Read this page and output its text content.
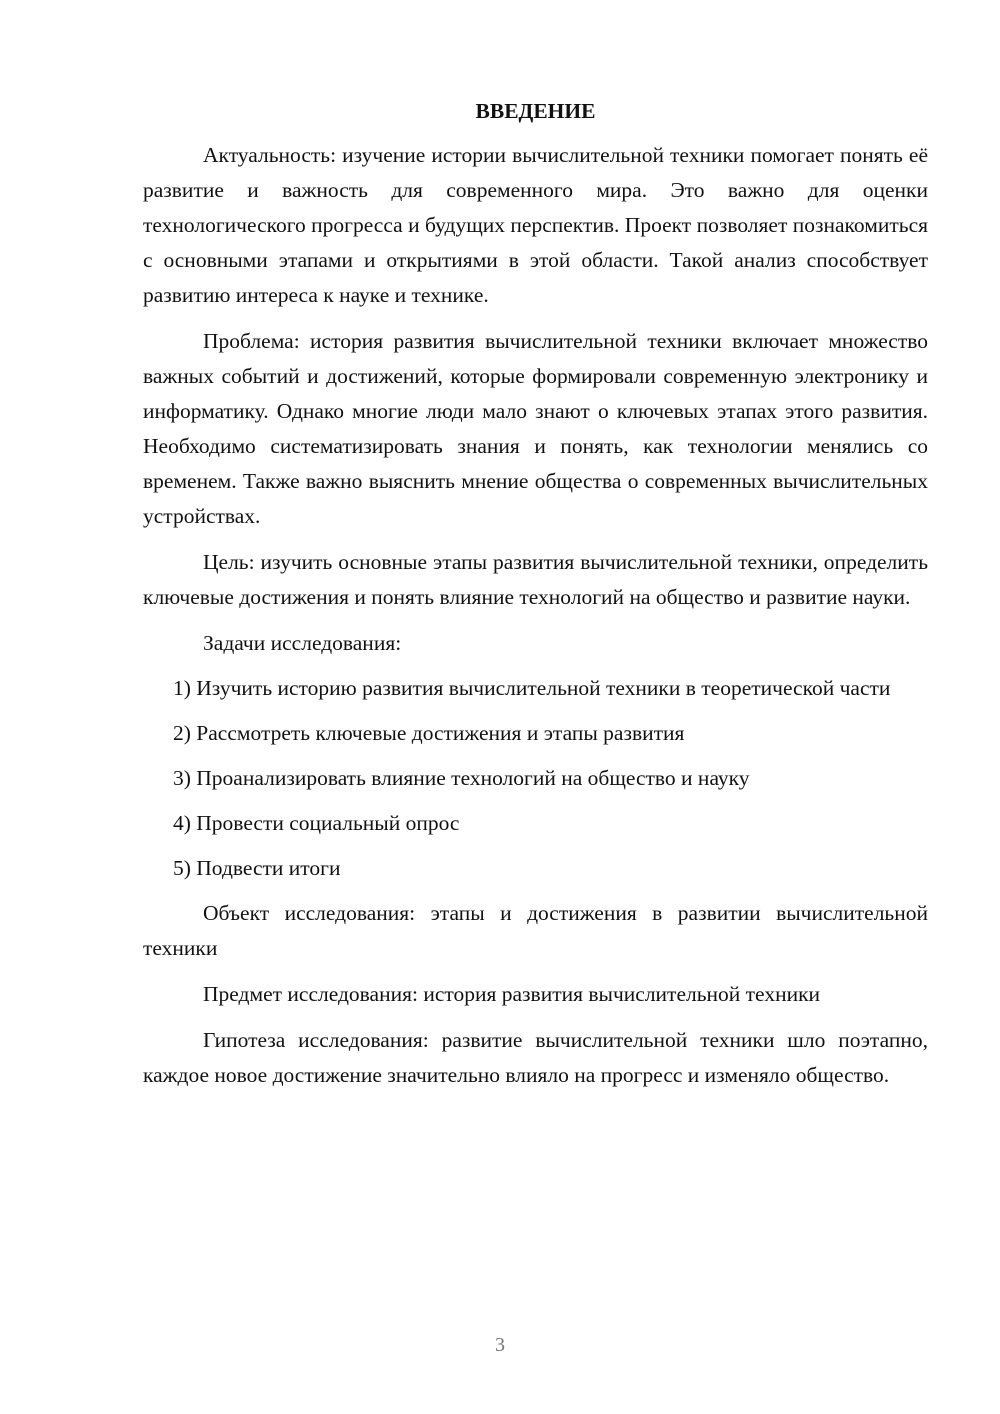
ВВЕДЕНИЕ

Актуальность: изучение истории вычислительной техники помогает понять её развитие и важность для современного мира. Это важно для оценки технологического прогресса и будущих перспектив. Проект позволяет познакомиться с основными этапами и открытиями в этой области. Такой анализ способствует развитию интереса к науке и технике.

Проблема: история развития вычислительной техники включает множество важных событий и достижений, которые формировали современную электронику и информатику. Однако многие люди мало знают о ключевых этапах этого развития. Необходимо систематизировать знания и понять, как технологии менялись со временем. Также важно выяснить мнение общества о современных вычислительных устройствах.

Цель: изучить основные этапы развития вычислительной техники, определить ключевые достижения и понять влияние технологий на общество и развитие науки.

Задачи исследования:

1) Изучить историю развития вычислительной техники в теоретической части

2) Рассмотреть ключевые достижения и этапы развития

3) Проанализировать влияние технологий на общество и науку

4) Провести социальный опрос

5) Подвести итоги

Объект исследования: этапы и достижения в развитии вычислительной техники

Предмет исследования: история развития вычислительной техники

Гипотеза исследования: развитие вычислительной техники шло поэтапно, каждое новое достижение значительно влияло на прогресс и изменяло общество.

3
